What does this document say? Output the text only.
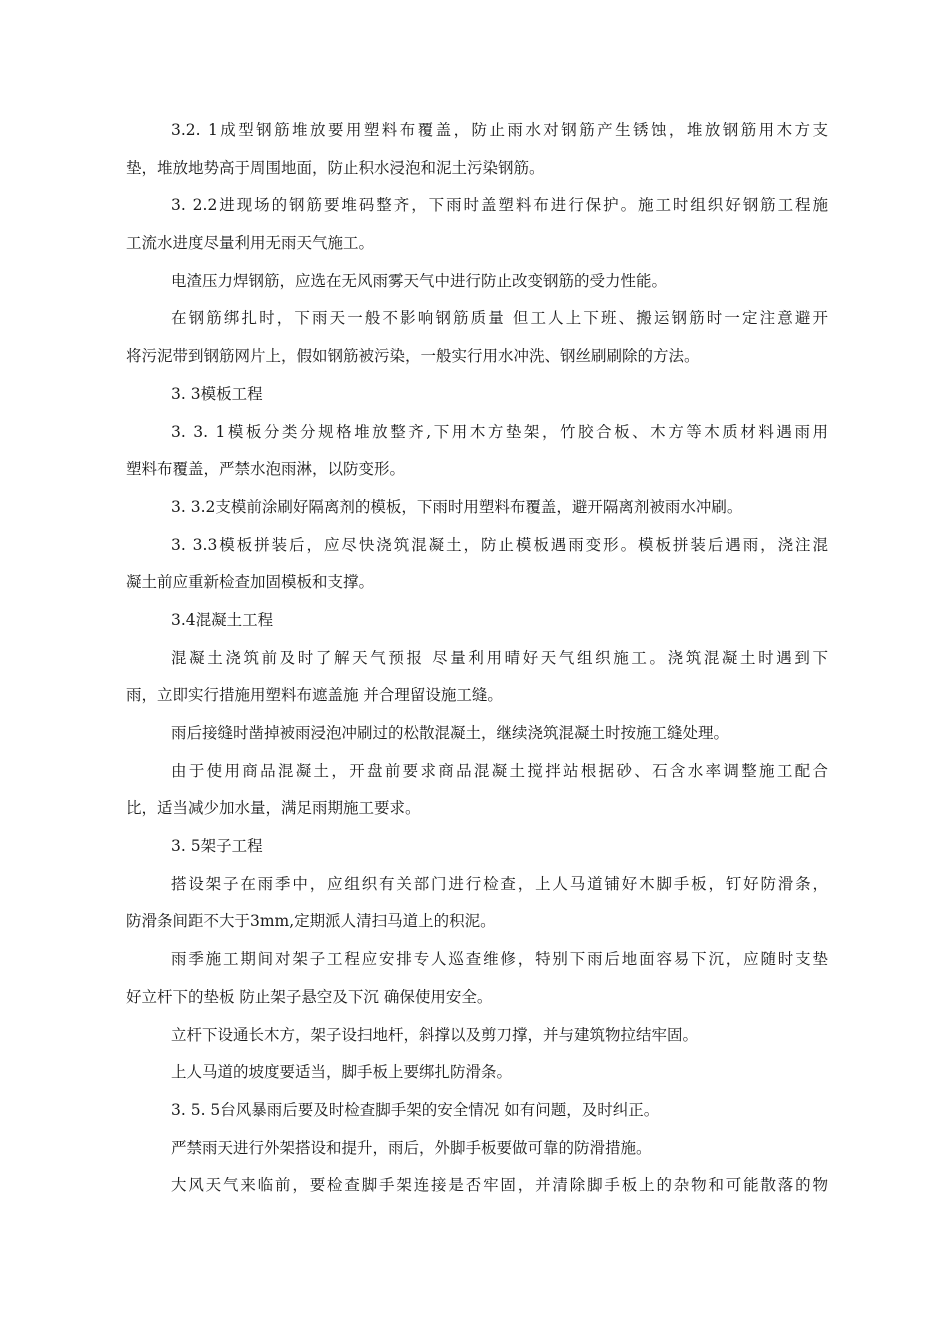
3.2. 1成型钢筋堆放要用塑料布覆盖，防止雨水对钢筋产生锈蚀，堆放钢筋用木方支
垫，堆放地势高于周围地面，防止积水浸泡和泥土污染钢筋。
3. 2.2进现场的钢筋要堆码整齐，下雨时盖塑料布进行保护。施工时组织好钢筋工程施
工流水进度尽量利用无雨天气施工。
电渣压力焊钢筋，应选在无风雨雾天气中进行防止改变钢筋的受力性能。
在钢筋绑扎时，下雨天一般不影响钢筋质量 但工人上下班、搬运钢筋时一定注意避开
将污泥带到钢筋网片上，假如钢筋被污染，一般实行用水冲洗、钢丝刷刷除的方法。
3. 3模板工程
3. 3. 1模板分类分规格堆放整齐,下用木方垫架，竹胶合板、木方等木质材料遇雨用
塑料布覆盖，严禁水泡雨淋，以防变形。
3. 3.2支模前涂刷好隔离剂的模板，下雨时用塑料布覆盖，避开隔离剂被雨水冲刷。
3. 3.3模板拼装后，应尽快浇筑混凝土，防止模板遇雨变形。模板拼装后遇雨，浇注混
凝土前应重新检查加固模板和支撑。
3.4混凝土工程
混凝土浇筑前及时了解天气预报 尽量利用晴好天气组织施工。浇筑混凝土时遇到下
雨，立即实行措施用塑料布遮盖施 并合理留设施工缝。
雨后接缝时凿掉被雨浸泡冲刷过的松散混凝土，继续浇筑混凝土时按施工缝处理。
由于使用商品混凝土，开盘前要求商品混凝土搅拌站根据砂、石含水率调整施工配合
比，适当减少加水量，满足雨期施工要求。
3. 5架子工程
搭设架子在雨季中，应组织有关部门进行检查，上人马道铺好木脚手板，钉好防滑条，
防滑条间距不大于3mm,定期派人清扫马道上的积泥。
雨季施工期间对架子工程应安排专人巡查维修，特别下雨后地面容易下沉，应随时支垫
好立杆下的垫板 防止架子悬空及下沉 确保使用安全。
立杆下设通长木方，架子设扫地杆，斜撑以及剪刀撑，并与建筑物拉结牢固。
上人马道的坡度要适当，脚手板上要绑扎防滑条。
3. 5. 5台风暴雨后要及时检查脚手架的安全情况 如有问题，及时纠正。
严禁雨天进行外架搭设和提升，雨后，外脚手板要做可靠的防滑措施。
大风天气来临前，要检查脚手架连接是否牢固，并清除脚手板上的杂物和可能散落的物
